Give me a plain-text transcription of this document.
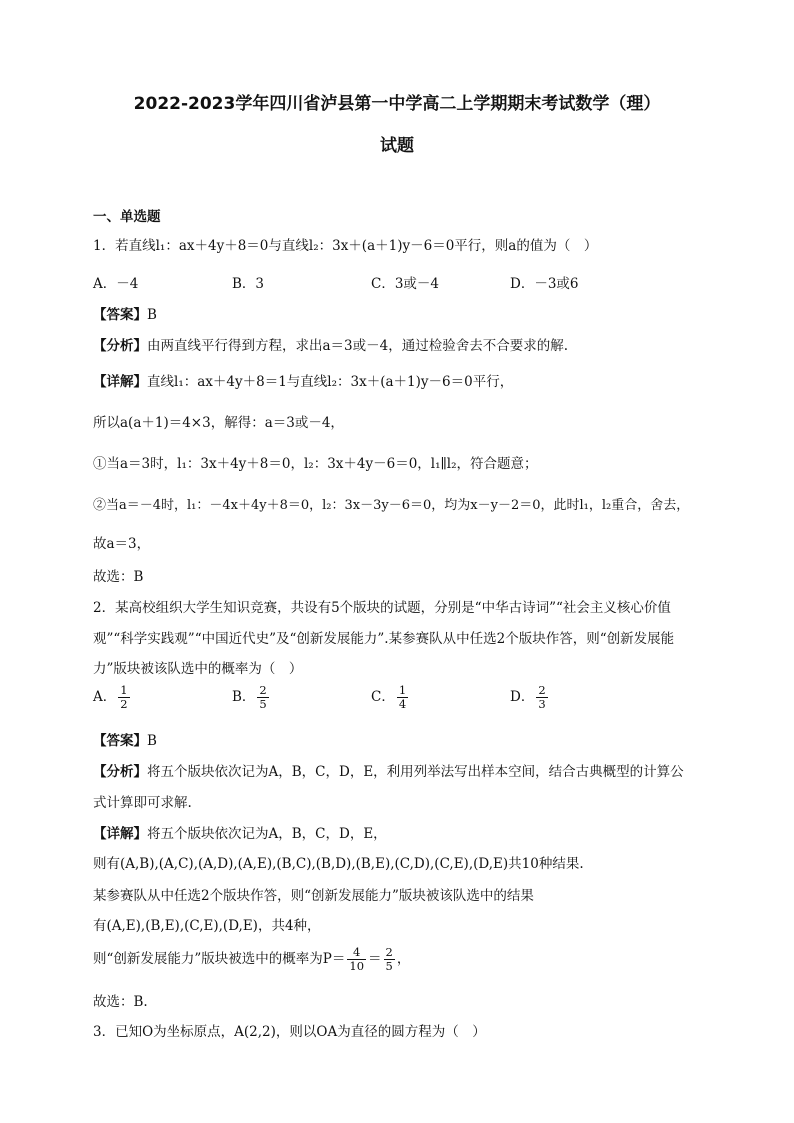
2022-2023学年四川省泸县第一中学高二上学期期末考试数学（理）
试题
一、单选题
1．若直线l₁：ax＋4y＋8＝0与直线l₂：3x＋(a＋1)y－6＝0平行，则a的值为（　）
A．－4	B．3	C．3或－4	D．－3或6
【答案】B
【分析】由两直线平行得到方程，求出a＝3或－4，通过检验舍去不合要求的解.
【详解】直线l₁：ax＋4y＋8＝1与直线l₂：3x＋(a＋1)y－6＝0平行，
所以a(a＋1)＝4×3，解得：a＝3或－4，
①当a＝3时，l₁：3x＋4y＋8＝0，l₂：3x＋4y－6＝0，l₁∥l₂，符合题意；
②当a＝－4时，l₁：－4x＋4y＋8＝0，l₂：3x－3y－6＝0，均为x－y－2＝0，此时l₁，l₂重合，舍去，
故a＝3，
故选：B
2．某高校组织大学生知识竞赛，共设有5个版块的试题，分别是“中华古诗词”“社会主义核心价值
观”“科学实践观”“中国近代史”及“创新发展能力”.某参赛队从中任选2个版块作答，则“创新发展能
力”版块被该队选中的概率为（　）
A． $\frac{1}{2}$	B． $\frac{2}{5}$	C． $\frac{1}{4}$	D． $\frac{2}{3}$
【答案】B
【分析】将五个版块依次记为A，B，C，D，E，利用列举法写出样本空间，结合古典概型的计算公
式计算即可求解.
【详解】将五个版块依次记为A，B，C，D，E，
则有(A,B),(A,C),(A,D),(A,E),(B,C),(B,D),(B,E),(C,D),(C,E),(D,E)共10种结果.
某参赛队从中任选2个版块作答，则“创新发展能力”版块被该队选中的结果
有(A,E),(B,E),(C,E),(D,E)，共4种，
则“创新发展能力”版块被选中的概率为$P= \frac{4}{10} = \frac{2}{5}$ ，
故选：B.
3．已知O为坐标原点，A(2,2)，则以OA为直径的圆方程为（　）
